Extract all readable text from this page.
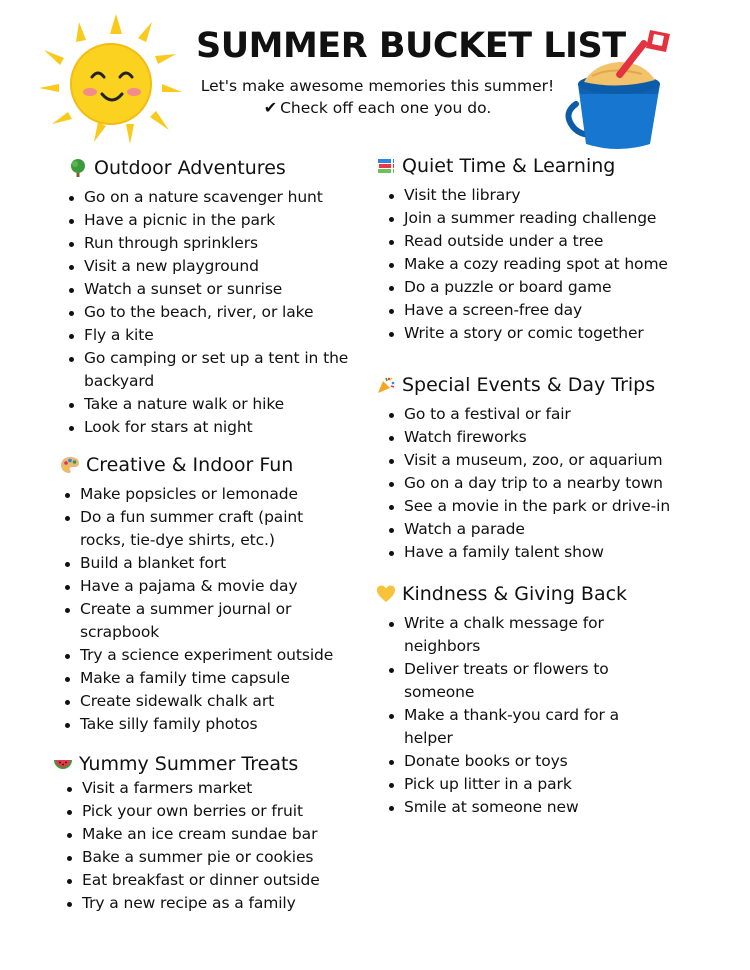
SUMMER BUCKET LIST
Let's make awesome memories this summer!
✔ Check off each one you do.
Outdoor Adventures
Go on a nature scavenger hunt
Have a picnic in the park
Run through sprinklers
Visit a new playground
Watch a sunset or sunrise
Go to the beach, river, or lake
Fly a kite
Go camping or set up a tent in the backyard
Take a nature walk or hike
Look for stars at night
Creative & Indoor Fun
Make popsicles or lemonade
Do a fun summer craft (paint rocks, tie-dye shirts, etc.)
Build a blanket fort
Have a pajama & movie day
Create a summer journal or scrapbook
Try a science experiment outside
Make a family time capsule
Create sidewalk chalk art
Take silly family photos
Yummy Summer Treats
Visit a farmers market
Pick your own berries or fruit
Make an ice cream sundae bar
Bake a summer pie or cookies
Eat breakfast or dinner outside
Try a new recipe as a family
Quiet Time & Learning
Visit the library
Join a summer reading challenge
Read outside under a tree
Make a cozy reading spot at home
Do a puzzle or board game
Have a screen-free day
Write a story or comic together
Special Events & Day Trips
Go to a festival or fair
Watch fireworks
Visit a museum, zoo, or aquarium
Go on a day trip to a nearby town
See a movie in the park or drive-in
Watch a parade
Have a family talent show
Kindness & Giving Back
Write a chalk message for neighbors
Deliver treats or flowers to someone
Make a thank-you card for a helper
Donate books or toys
Pick up litter in a park
Smile at someone new
